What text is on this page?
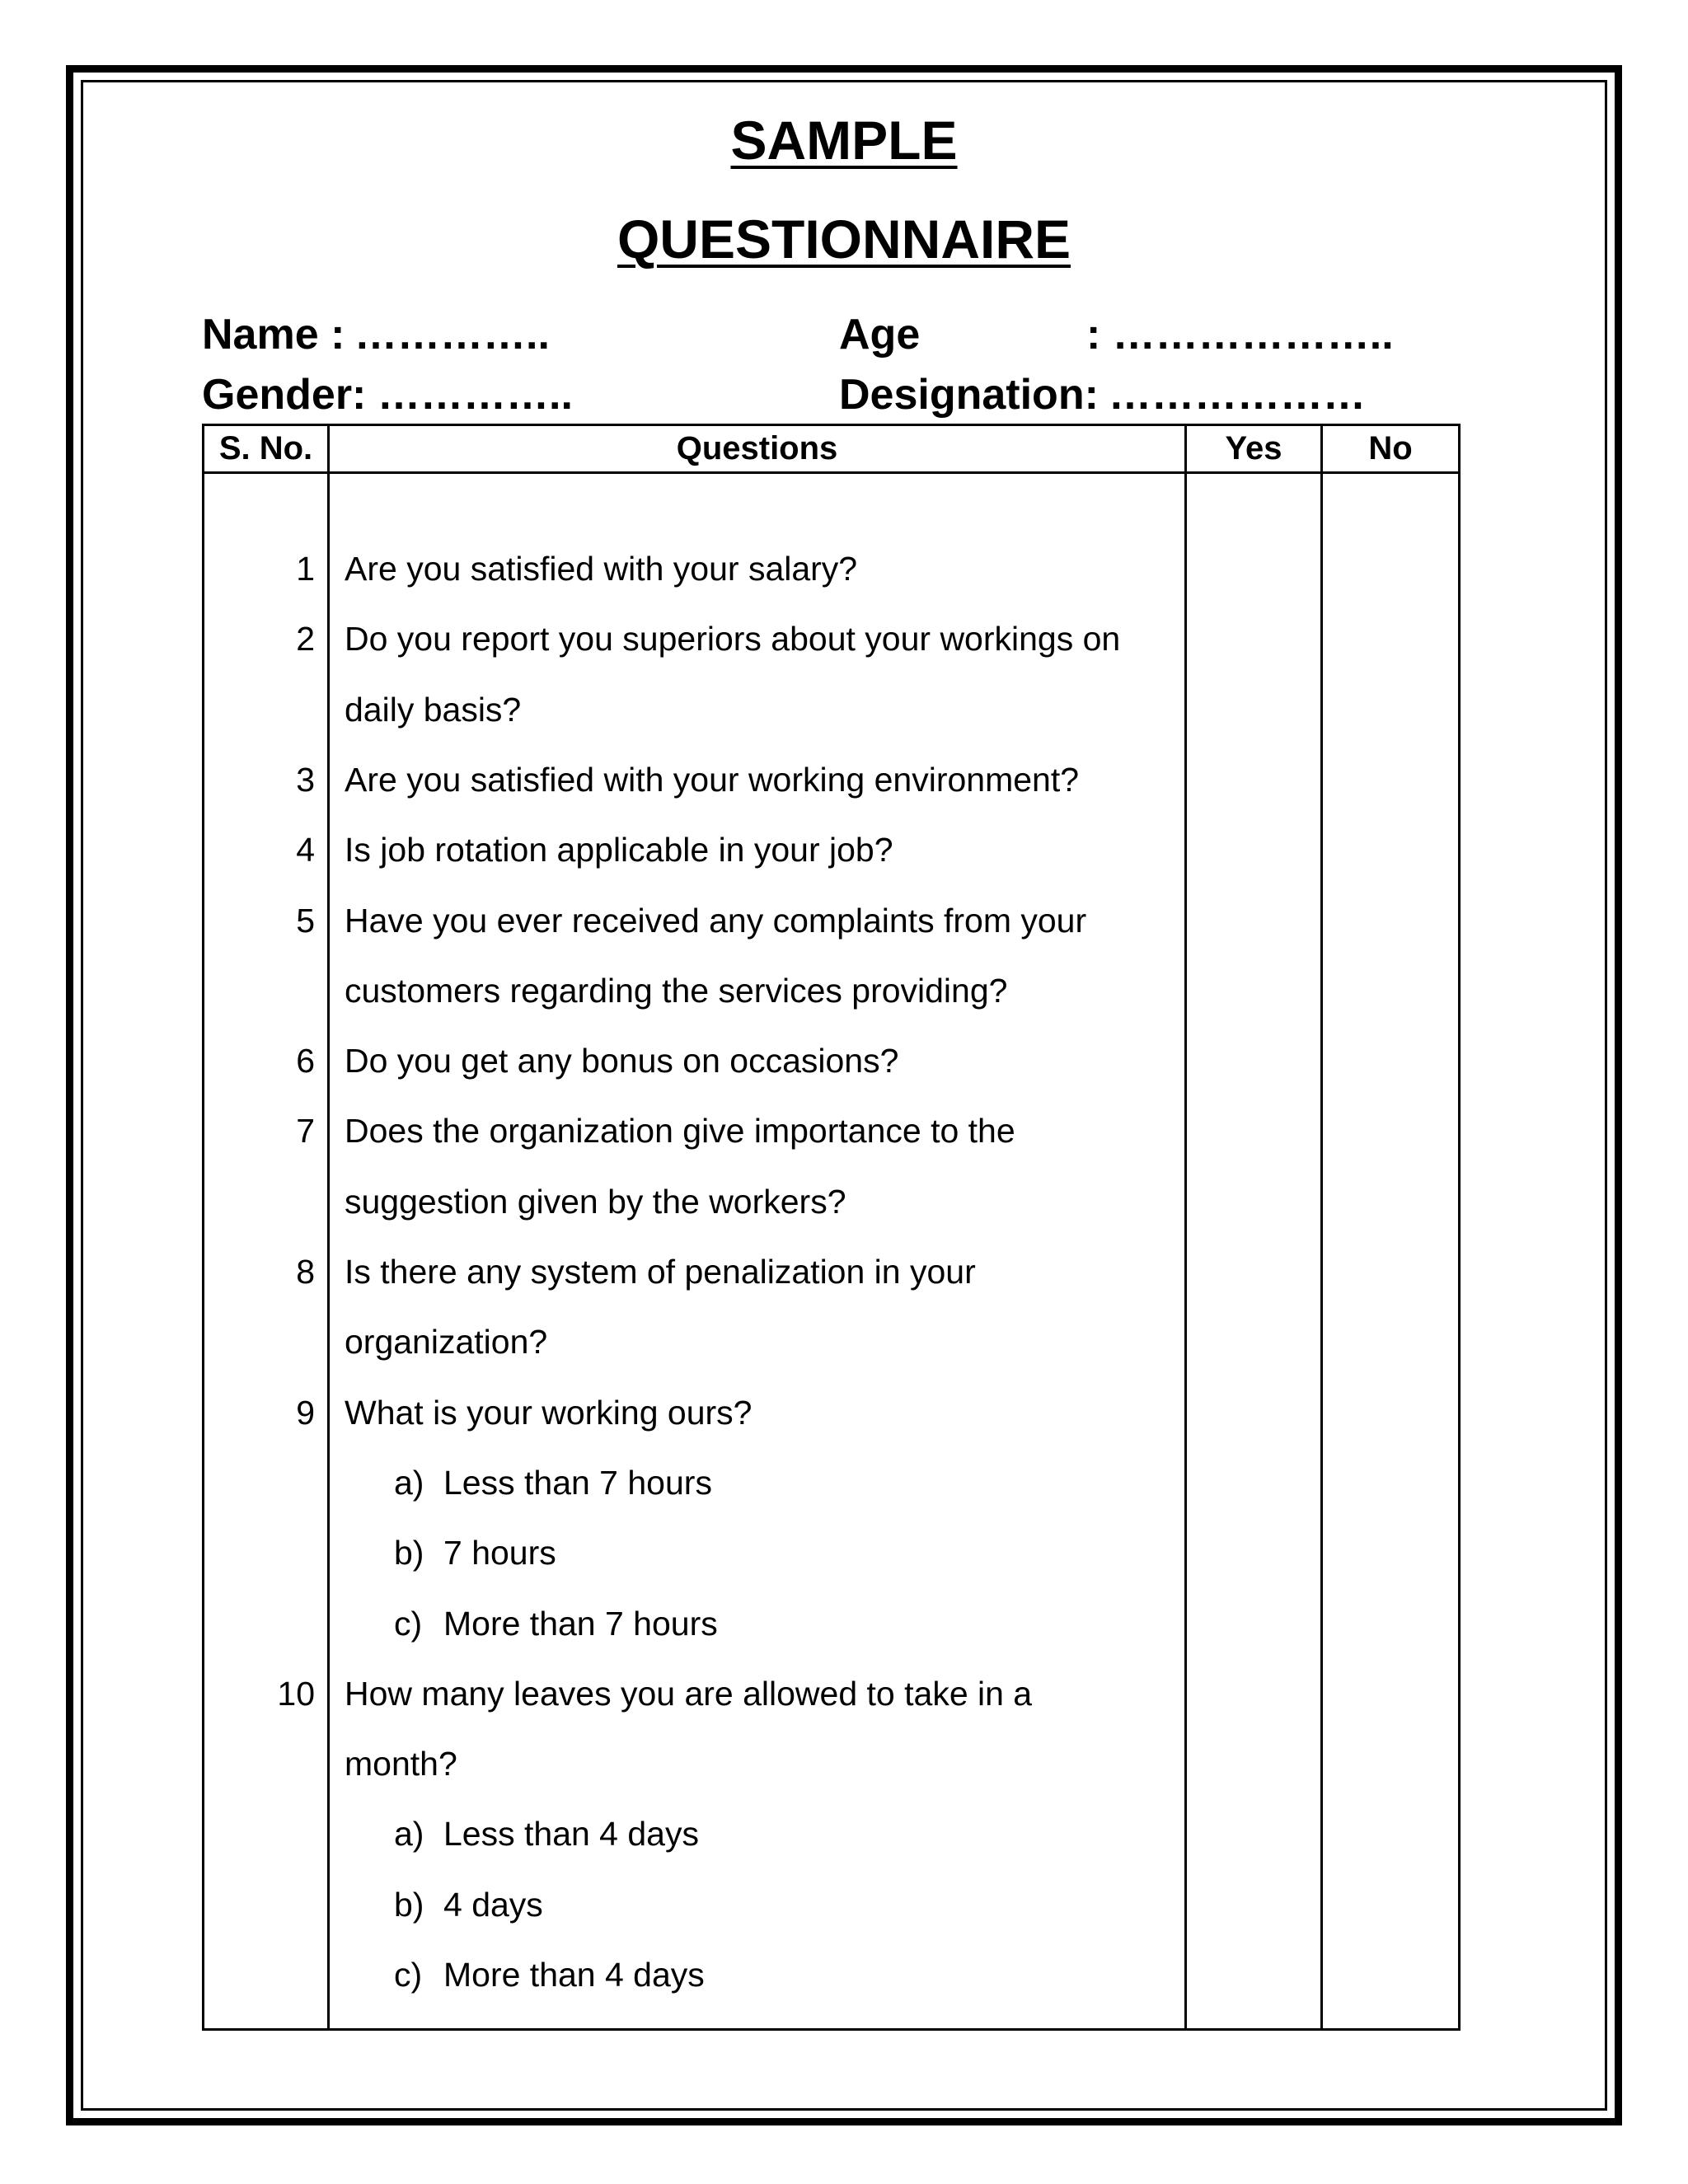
SAMPLE
QUESTIONNAIRE
Name : …………..	Age	: ………………..
Gender: …………..	Designation: ………………
S. No.	Questions	Yes	No
1 Are you satisfied with your salary?
2 Do you report you superiors about your workings on
daily basis?
3 Are you satisfied with your working environment?
4 Is job rotation applicable in your job?
5 Have you ever received any complaints from your
customers regarding the services providing?
6 Do you get any bonus on occasions?
7 Does the organization give importance to the
suggestion given by the workers?
8 Is there any system of penalization in your
organization?
9 What is your working ours?
a) Less than 7 hours
b) 7 hours
c) More than 7 hours
10 How many leaves you are allowed to take in a
month?
a) Less than 4 days
b) 4 days
c) More than 4 days
